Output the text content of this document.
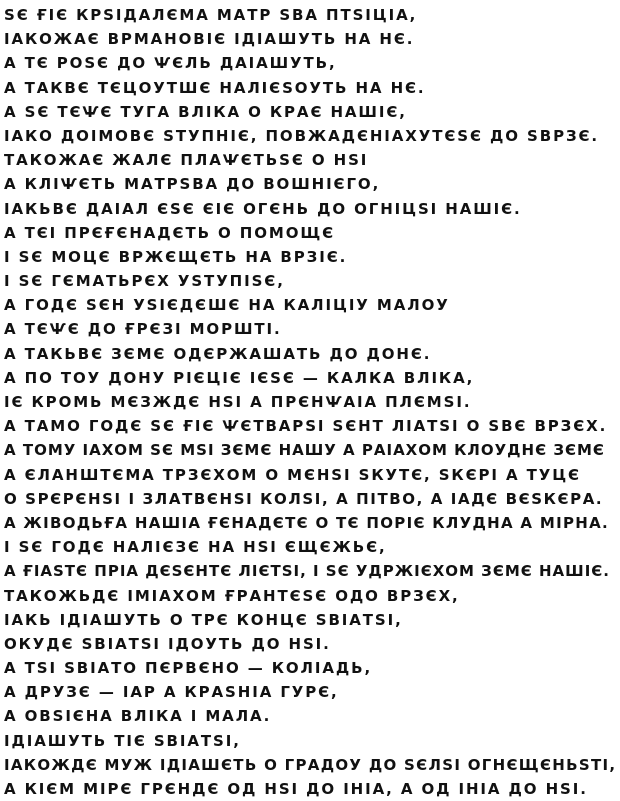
ЅЄ ҒІЄ КРЅІДАЛЄМА МАТР ЅВА ПТЅІЦІА,
ІАКОЖАЄ ВРМАНОВІЄ ІДІАШУТЬ НА НЄ.
А ТЄ РОЅЄ ДО ѰЄЛЬ ДАІАШУТЬ,
А ТАКВЄ ТЄЦОУТШЄ НАЛІЄЅОУТЬ НА НЄ.
А ЅЄ ТЄѰЄ ТУГА ВЛІКА О КРАЄ НАШІЄ,
ІАКО ДОІМОВЄ ЅТУПНІЄ, ПОВЖАДЄНІАХУТЄЅЄ ДО ЅВРЗЄ.
ТАКОЖАЄ ЖАЛЄ ПЛАѰЄТЬЅЄ О НЅІ
А КЛІѰЄТЬ МАТРЅВА ДО ВОШНІЄГО,
ІАКЬВЄ ДАІАЛ ЄЅЄ ЄІЄ ОГЄНЬ ДО ОГНІЦЅІ НАШІЄ.
А ТЄІ ПРЄҒЄНАДЄТЬ О ПОМОЩЄ
І ЅЄ МОЦЄ ВРЖЄЩЄТЬ НА ВРЗІЄ.
І ЅЄ ГЄМАТЬРЄХ УЅТУПІЅЄ,
А ГОДЄ ЅЄН УЅІЄДЄШЄ НА КАЛІЦІУ МАЛОУ
А ТЄѰЄ ДО ҒРЄЗІ МОРШТІ.
А ТАКЬВЄ ЗЄМЄ ОДЄРЖАШАТЬ ДО ДОНЄ.
А ПО ТОУ ДОНУ РІЄЦІЄ ІЄЅЄ — КАЛКА ВЛІКА,
ІЄ КРОМЬ МЄЗЖДЄ НЅІ А ПРЄНѰАІА ПЛЄМЅІ.
А ТАМО ГОДЄ ЅЄ ҒІЄ ѰЄТВАРЅІ ЅЄНТ ЛІАТЅІ О ЅВЄ ВРЗЄХ.
А ТОМУ ІАХОМ ЅЄ МЅІ ЗЄМЄ НАШУ А РАІАХОМ КЛОУДНЄ ЗЄМЄ
А ЄЛАНШТЄМА ТРЗЄХОМ О МЄНЅІ ЅКУТЄ, ЅКЄРІ А ТУЦЄ
О ЅРЄРЄНЅІ І ЗЛАТВЄНЅІ КОЛЅІ, А ПІТВО, А ІАДЄ ВЄЅКЄРА.
А ЖІВОДЬҒА НАШІА ҒЄНАДЄТЄ О ТЄ ПОРІЄ КЛУДНА А МІРНА.
І ЅЄ ГОДЄ НАЛІЄЗЄ НА НЅІ ЄЩЄЖЬЄ,
А ҒІАЅТЄ ПРІА ДЄЅЄНТЄ ЛІЄТЅІ, І ЅЄ УДРЖІЄХОМ ЗЄМЄ НАШІЄ.
ТАКОЖЬДЄ ІМІАХОМ ҒРАНТЄЅЄ ОДО ВРЗЄХ,
ІАКЬ ІДІАШУТЬ О ТРЄ КОНЦЄ ЅВІАТЅІ,
ОКУДЄ ЅВІАТЅІ ІДОУТЬ ДО НЅІ.
А ТЅІ ЅВІАТО ПЄРВЄНО — КОЛІАДЬ,
А ДРУЗЄ — ІАР А КРАЅНІА ГУРЄ,
А ОВЅІЄНА ВЛІКА І МАЛА.
ІДІАШУТЬ ТІЄ ЅВІАТЅІ,
ІАКОЖДЄ МУЖ ІДІАШЄТЬ О ГРАДОУ ДО ЅЄЛЅІ ОГНЄЩЄНЬЅТІ,
А КІЄМ МІРЄ ГРЄНДЄ ОД НЅІ ДО ІНІА, А ОД ІНІА ДО НЅІ.
